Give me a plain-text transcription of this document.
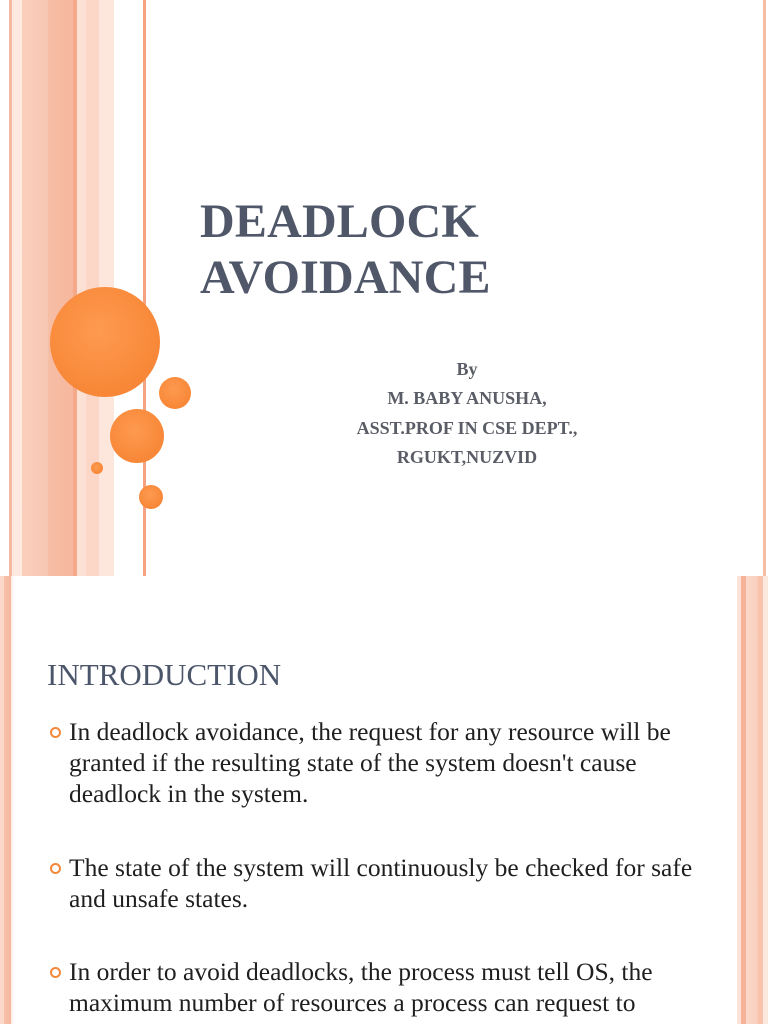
DEADLOCK
AVOIDANCE
By
M. BABY ANUSHA,
ASST.PROF IN CSE DEPT.,
RGUKT,NUZVID
INTRODUCTION
In deadlock avoidance, the request for any resource will be
granted if the resulting state of the system doesn't cause
deadlock in the system.
The state of the system will continuously be checked for safe
and unsafe states.
In order to avoid deadlocks, the process must tell OS, the
maximum number of resources a process can request to
